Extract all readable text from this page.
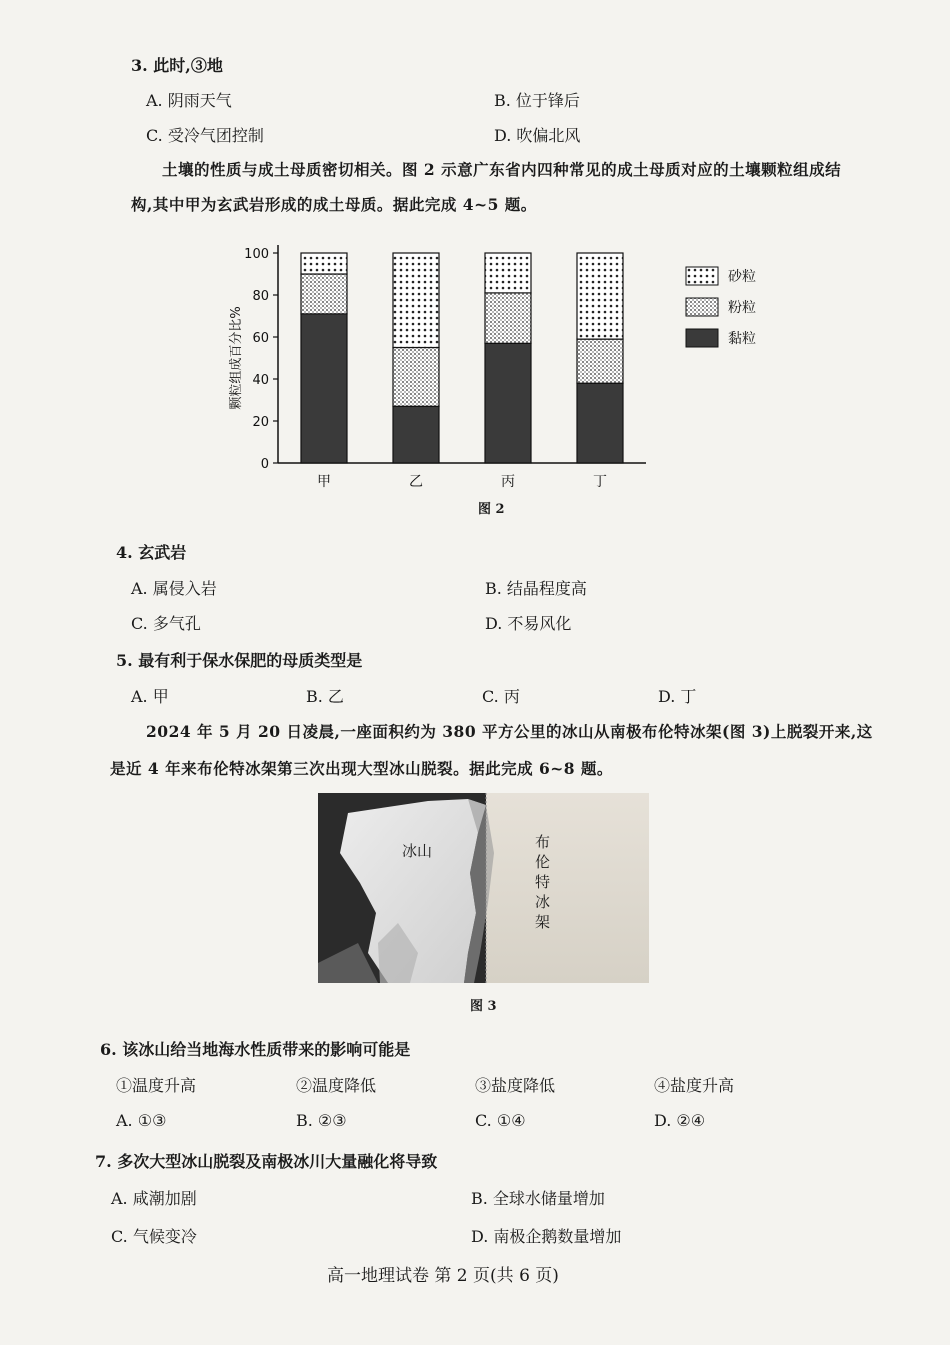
3. 此时,③地
A. 阴雨天气	B. 位于锋后
C. 受冷气团控制	D. 吹偏北风
土壤的性质与成土母质密切相关。图 2 示意广东省内四种常见的成土母质对应的土壤颗粒组成结
构,其中甲为玄武岩形成的成土母质。据此完成 4~5 题。
0
20
40
60
80
100
颗粒组成百分比%
甲	乙	丙	丁
砂粒
粉粒
黏粒
图 2
4. 玄武岩
A. 属侵入岩	B. 结晶程度高
C. 多气孔	D. 不易风化
5. 最有利于保水保肥的母质类型是
A. 甲	B. 乙	C. 丙	D. 丁
2024 年 5 月 20 日凌晨,一座面积约为 380 平方公里的冰山从南极布伦特冰架(图 3)上脱裂开来,这
是近 4 年来布伦特冰架第三次出现大型冰山脱裂。据此完成 6~8 题。
冰山	布伦特冰架
图 3
6. 该冰山给当地海水性质带来的影响可能是
①温度升高	②温度降低	③盐度降低	④盐度升高
A. ①③	B. ②③	C. ①④	D. ②④
7. 多次大型冰山脱裂及南极冰川大量融化将导致
A. 咸潮加剧	B. 全球水储量增加
C. 气候变冷	D. 南极企鹅数量增加
高一地理试卷 第 2 页(共 6 页)
